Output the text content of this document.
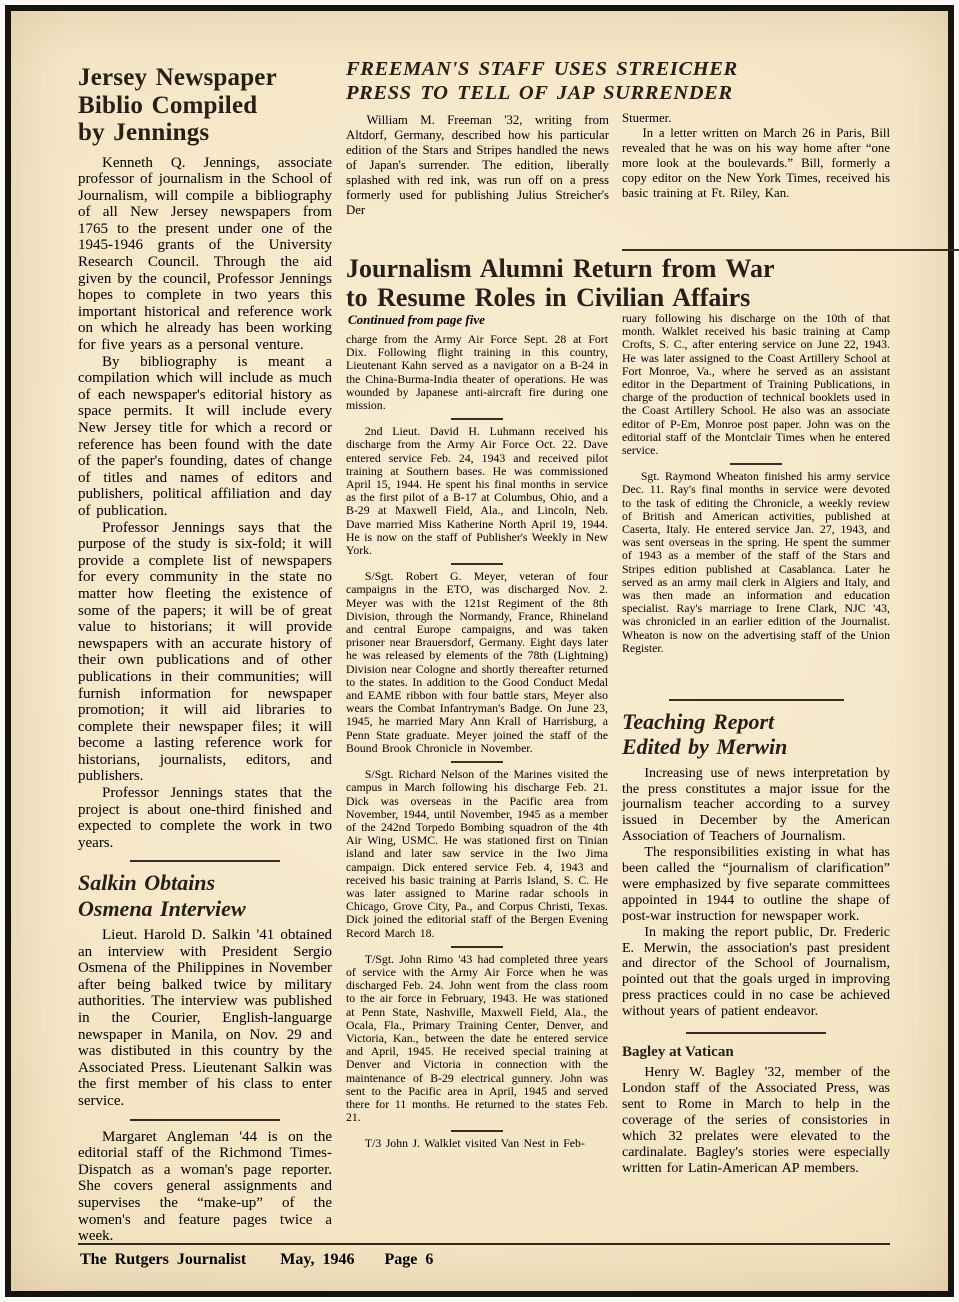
Jersey Newspaper
Biblio Compiled
by Jennings

Kenneth Q. Jennings, associate professor of journalism in the School of Journalism, will compile a bibliography of all New Jersey newspapers from 1765 to the present under one of the 1945-1946 grants of the University Research Council. Through the aid given by the council, Professor Jennings hopes to complete in two years this important historical and reference work on which he already has been working for five years as a personal venture.

By bibliography is meant a compilation which will include as much of each newspaper's editorial history as space permits. It will include every New Jersey title for which a record or reference has been found with the date of the paper's founding, dates of change of titles and names of editors and publishers, political affiliation and day of publication.

Professor Jennings says that the purpose of the study is six-fold; it will provide a complete list of newspapers for every community in the state no matter how fleeting the existence of some of the papers; it will be of great value to historians; it will provide newspapers with an accurate history of their own publications and of other publications in their communities; will furnish information for newspaper promotion; it will aid libraries to complete their newspaper files; it will become a lasting reference work for historians, journalists, editors, and publishers.

Professor Jennings states that the project is about one-third finished and expected to complete the work in two years.

Salkin Obtains
Osmena Interview

Lieut. Harold D. Salkin '41 obtained an interview with President Sergio Osmena of the Philippines in November after being balked twice by military authorities. The interview was published in the Courier, English-languarge newspaper in Manila, on Nov. 29 and was distibuted in this country by the Associated Press. Lieutenant Salkin was the first member of his class to enter service.

Margaret Angleman '44 is on the editorial staff of the Richmond Times-Dispatch as a woman's page reporter. She covers general assignments and supervises the “make-up” of the women's and feature pages twice a week.

FREEMAN'S STAFF USES STREICHER
PRESS TO TELL OF JAP SURRENDER

William M. Freeman '32, writing from Altdorf, Germany, described how his particular edition of the Stars and Stripes handled the news of Japan's surrender. The edition, liberally splashed with red ink, was run off on a press formerly used for publishing Julius Streicher's Der

Stuermer.

In a letter written on March 26 in Paris, Bill revealed that he was on his way home after “one more look at the boulevards.” Bill, formerly a copy editor on the New York Times, received his basic training at Ft. Riley, Kan.

Journalism Alumni Return from War
to Resume Roles in Civilian Affairs

Continued from page five

charge from the Army Air Force Sept. 28 at Fort Dix. Following flight training in this country, Lieutenant Kahn served as a navigator on a B-24 in the China-Burma-India theater of operations. He was wounded by Japanese anti-aircraft fire during one mission.

2nd Lieut. David H. Luhmann received his discharge from the Army Air Force Oct. 22. Dave entered service Feb. 24, 1943 and received pilot training at Southern bases. He was commissioned April 15, 1944. He spent his final months in service as the first pilot of a B-17 at Columbus, Ohio, and a B-29 at Maxwell Field, Ala., and Lincoln, Neb. Dave married Miss Katherine North April 19, 1944. He is now on the staff of Publisher's Weekly in New York.

S/Sgt. Robert G. Meyer, veteran of four campaigns in the ETO, was discharged Nov. 2. Meyer was with the 121st Regiment of the 8th Division, through the Normandy, France, Rhineland and central Europe campaigns, and was taken prisoner near Brauersdorf, Germany. Eight days later he was released by elements of the 78th (Lightning) Division near Cologne and shortly thereafter returned to the states. In addition to the Good Conduct Medal and EAME ribbon with four battle stars, Meyer also wears the Combat Infantryman's Badge. On June 23, 1945, he married Mary Ann Krall of Harrisburg, a Penn State graduate. Meyer joined the staff of the Bound Brook Chronicle in November.

S/Sgt. Richard Nelson of the Marines visited the campus in March following his discharge Feb. 21. Dick was overseas in the Pacific area from November, 1944, until November, 1945 as a member of the 242nd Torpedo Bombing squadron of the 4th Air Wing, USMC. He was stationed first on Tinian island and later saw service in the Iwo Jima campaign. Dick entered service Feb. 4, 1943 and received his basic training at Parris Island, S. C. He was later assigned to Marine radar schools in Chicago, Grove City, Pa., and Corpus Christi, Texas. Dick joined the editorial staff of the Bergen Evening Record March 18.

T/Sgt. John Rimo '43 had completed three years of service with the Army Air Force when he was discharged Feb. 24. John went from the class room to the air force in February, 1943. He was stationed at Penn State, Nashville, Maxwell Field, Ala., the Ocala, Fla., Primary Training Center, Denver, and Victoria, Kan., between the date he entered service and April, 1945. He received special training at Denver and Victoria in connection with the maintenance of B-29 electrical gunnery. John was sent to the Pacific area in April, 1945 and served there for 11 months. He returned to the states Feb. 21.

T/3 John J. Walklet visited Van Nest in Feb-

ruary following his discharge on the 10th of that month. Walklet received his basic training at Camp Crofts, S. C., after entering service on June 22, 1943. He was later assigned to the Coast Artillery School at Fort Monroe, Va., where he served as an assistant editor in the Department of Training Publications, in charge of the production of technical booklets used in the Coast Artillery School. He also was an associate editor of P-Em, Monroe post paper. John was on the editorial staff of the Montclair Times when he entered service.

Sgt. Raymond Wheaton finished his army service Dec. 11. Ray's final months in service were devoted to the task of editing the Chronicle, a weekly review of British and American activities, published at Caserta, Italy. He entered service Jan. 27, 1943, and was sent overseas in the spring. He spent the summer of 1943 as a member of the staff of the Stars and Stripes edition published at Casablanca. Later he served as an army mail clerk in Algiers and Italy, and was then made an information and education specialist. Ray's marriage to Irene Clark, NJC '43, was chronicled in an earlier edition of the Journalist. Wheaton is now on the advertising staff of the Union Register.

Teaching Report
Edited by Merwin

Increasing use of news interpretation by the press constitutes a major issue for the journalism teacher according to a survey issued in December by the American Association of Teachers of Journalism.

The responsibilities existing in what has been called the “journalism of clarification” were emphasized by five separate committees appointed in 1944 to outline the shape of post-war instruction for newspaper work.

In making the report public, Dr. Frederic E. Merwin, the association's past president and director of the School of Journalism, pointed out that the goals urged in improving press practices could in no case be achieved without years of patient endeavor.

Bagley at Vatican

Henry W. Bagley '32, member of the London staff of the Associated Press, was sent to Rome in March to help in the coverage of the series of consistories in which 32 prelates were elevated to the cardinalate. Bagley's stories were especially written for Latin-American AP members.

The Rutgers Journalist May, 1946 Page 6
